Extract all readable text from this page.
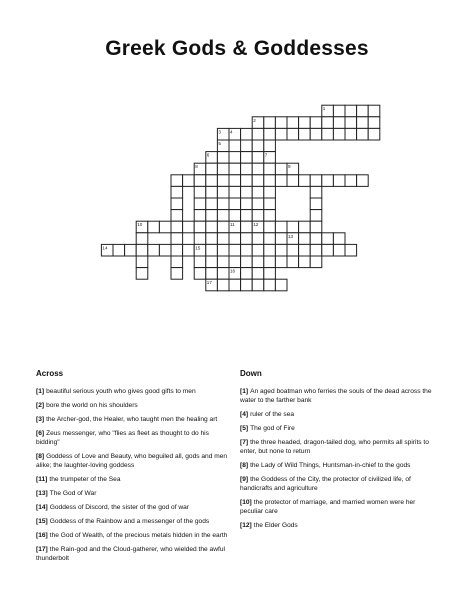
Greek Gods & Goddesses
1
2
3 4
5
6	7
8	9
10	11	12
13
14	15
16
17
Across
[1] beautiful serious youth who gives good gifts to men
[2] bore the world on his shoulders
[3] the Archer-god, the Healer, who taught men the healing art
[6] Zeus messenger, who "flies as fleet as thought to do his bidding"
[8] Goddess of Love and Beauty, who beguiled all, gods and men alike; the laughter-loving goddess
[11] the trumpeter of the Sea
[13] The God of War
[14] Goddess of Discord, the sister of the god of war
[15] Goddess of the Rainbow and a messenger of the gods
[16] the God of Wealth, of the precious metals hidden in the earth
[17] the Rain-god and the Cloud-gatherer, who wielded the awful thunderbolt
Down
[1] An aged boatman who ferries the souls of the dead across the water to the farther bank
[4] ruler of the sea
[5] The god of Fire
[7] the three headed, dragon-tailed dog, who permits all spirits to enter, but none to return
[8] the Lady of Wild Things, Huntsman-in-chief to the gods
[9] the Goddess of the City, the protector of civilized life, of handicrafts and agriculture
[10] the protector of marriage, and married women were her peculiar care
[12] the Elder Gods
